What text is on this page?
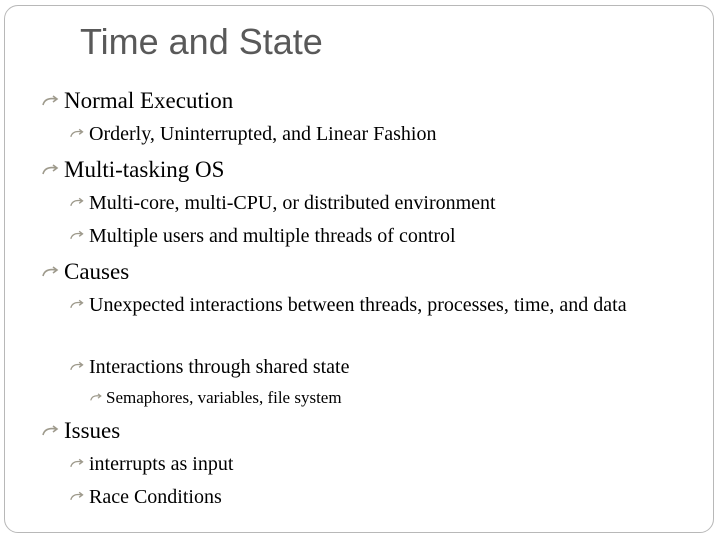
Time and State
Normal Execution
Orderly, Uninterrupted, and Linear Fashion
Multi-tasking OS
Multi-core, multi-CPU, or distributed environment
Multiple users and multiple threads of control
Causes
Unexpected interactions between threads, processes, time, and data
Interactions through shared state
Semaphores, variables, file system
Issues
interrupts as input
Race Conditions
